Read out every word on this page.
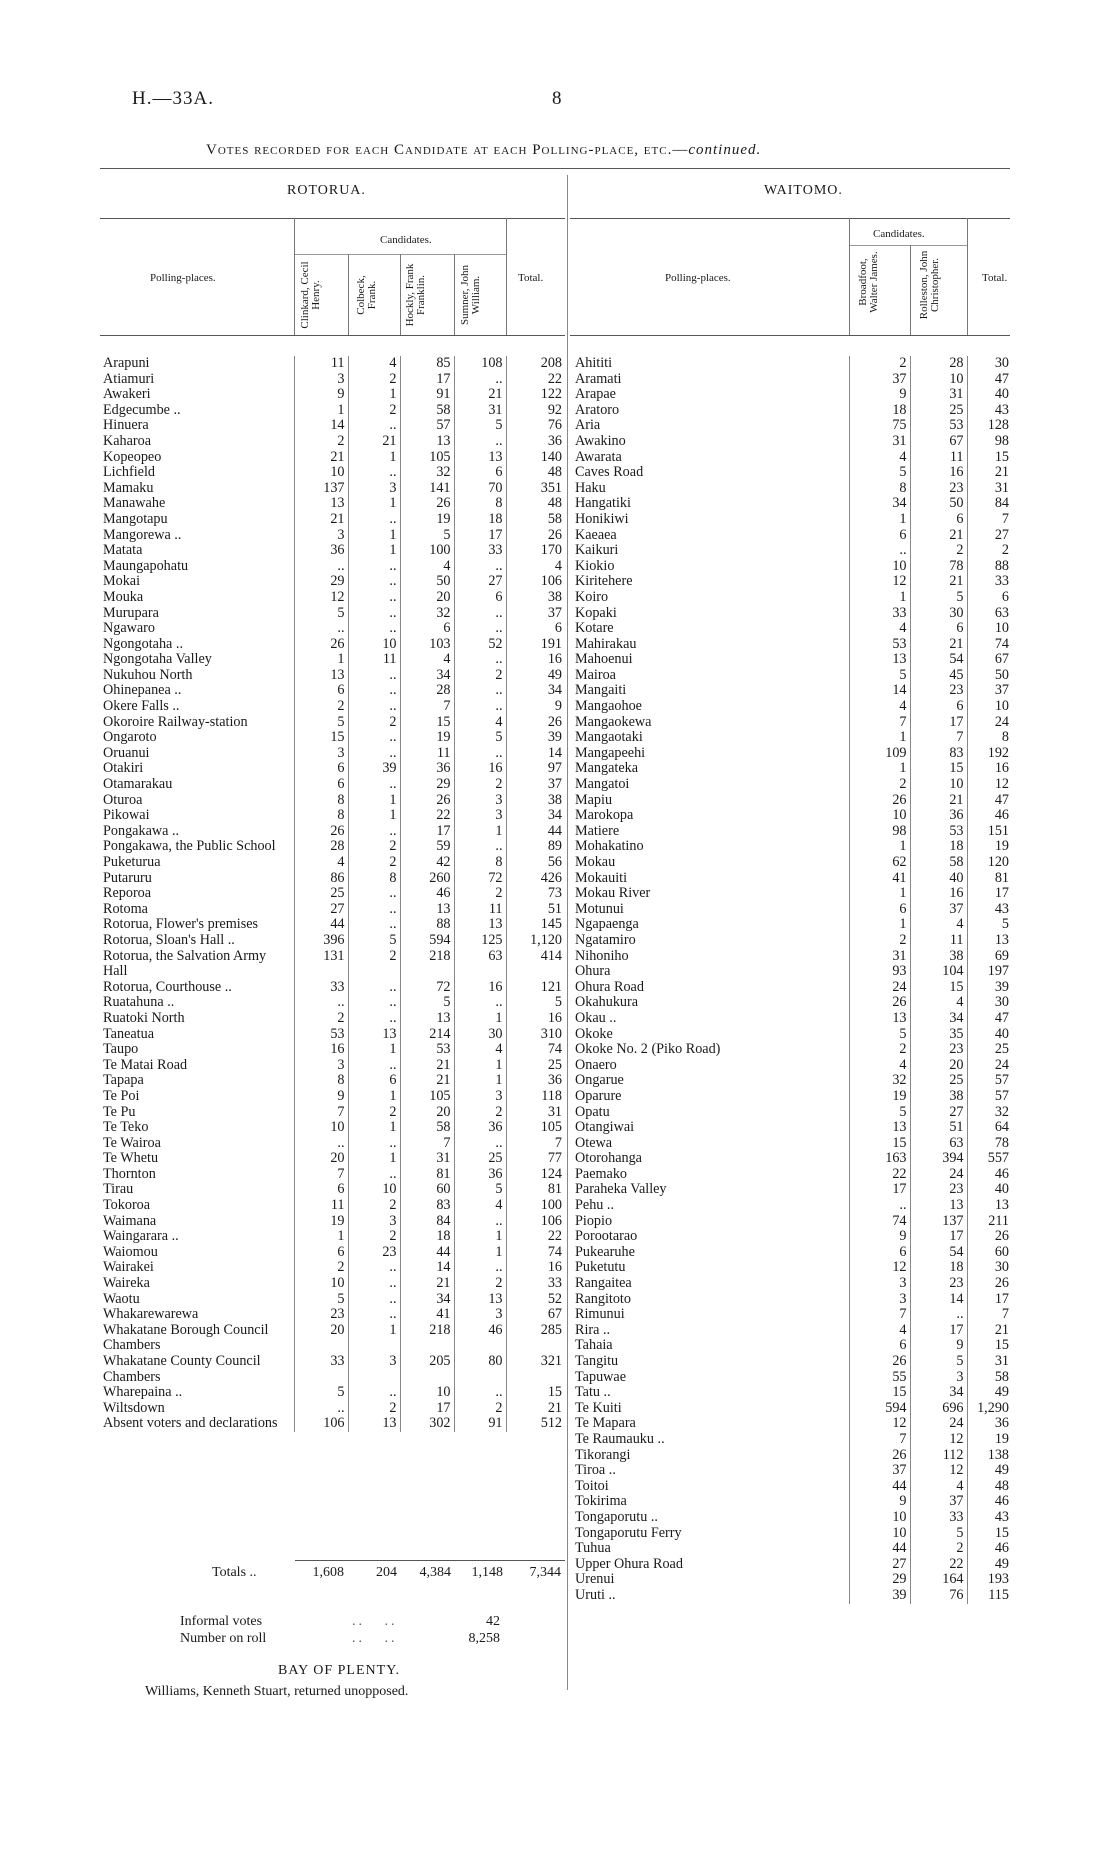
H.—33A.	8
Votes recorded for each Candidate at each Polling-place, etc.—continued.
ROTORUA.
Polling-places.
Candidates.
Total.
Clinkard, Cecil Henry.	Colbeck, Frank. Hockly, Frank Franklin.	Sumner, John William.
Arapuni	11	4	85	108	208
Atiamuri	3	2	17	..	22
Awakeri	9	1	91	21	122
Edgecumbe ..	1	2	58	31	92
Hinuera	14	..	57	5	76
Kaharoa	2	21	13	..	36
Kopeopeo	21	1	105	13	140
Lichfield	10	..	32	6	48
Mamaku	137	3	141	70	351
Manawahe	13	1	26	8	48
Mangotapu	21	..	19	18	58
Mangorewa ..	3	1	5	17	26
Matata	36	1	100	33	170
Maungapohatu	..	..	4	..	4
Mokai	29	..	50	27	106
Mouka	12	..	20	6	38
Murupara	5	..	32	..	37
Ngawaro	..	..	6	..	6
Ngongotaha ..	26	10	103	52	191
Ngongotaha Valley	1	11	4	..	16
Nukuhou North	13	..	34	2	49
Ohinepanea ..	6	..	28	..	34
Okere Falls ..	2	..	7	..	9
Okoroire Railway-station	5	2	15	4	26
Ongaroto	15	..	19	5	39
Oruanui	3	..	11	..	14
Otakiri	6	39	36	16	97
Otamarakau	6	..	29	2	37
Oturoa	8	1	26	3	38
Pikowai	8	1	22	3	34
Pongakawa ..	26	..	17	1	44
Pongakawa, the Public School	28	2	59	..	89
Puketurua	4	2	42	8	56
Putaruru	86	8	260	72	426
Reporoa	25	..	46	2	73
Rotoma	27	..	13	11	51
Rotorua, Flower's premises	44	..	88	13	145
Rotorua, Sloan's Hall ..	396	5	594	125	1,120
Rotorua, the Salvation Army Hall	131	2	218	63	414
Rotorua, Courthouse ..	33	..	72	16	121
Ruatahuna ..	..	..	5	..	5
Ruatoki North	2	..	13	1	16
Taneatua	53	13	214	30	310
Taupo	16	1	53	4	74
Te Matai Road	3	..	21	1	25
Tapapa	8	6	21	1	36
Te Poi	9	1	105	3	118
Te Pu	7	2	20	2	31
Te Teko	10	1	58	36	105
Te Wairoa	..	..	7	..	7
Te Whetu	20	1	31	25	77
Thornton	7	..	81	36	124
Tirau	6	10	60	5	81
Tokoroa	11	2	83	4	100
Waimana	19	3	84	..	106
Waingarara ..	1	2	18	1	22
Waiomou	6	23	44	1	74
Wairakei	2	..	14	..	16
Waireka	10	..	21	2	33
Waotu	5	..	34	13	52
Whakarewarewa	23	..	41	3	67
Whakatane Borough Council Chambers	20	1	218	46	285
Whakatane County Council Chambers	33	3	205	80	321
Wharepaina ..	5	..	10	..	15
Wiltsdown	..	2	17	2	21
Absent voters and declarations	106	13	302	91	512
Totals ..	1,608	204	4,384	1,148	7,344
Informal votes	..   ..	42
Number on roll	..   ..	8,258
BAY OF PLENTY.
Williams, Kenneth Stuart, returned unopposed.
WAITOMO.
Polling-places.
Candidates.
Total.
Broadfoot, Walter James.	Rolleston, John Christopher.
Ahititi	2	28	30
Aramati	37	10	47
Arapae	9	31	40
Aratoro	18	25	43
Aria	75	53	128
Awakino	31	67	98
Awarata	4	11	15
Caves Road	5	16	21
Haku	8	23	31
Hangatiki	34	50	84
Honikiwi	1	6	7
Kaeaea	6	21	27
Kaikuri	..	2	2
Kiokio	10	78	88
Kiritehere	12	21	33
Koiro	1	5	6
Kopaki	33	30	63
Kotare	4	6	10
Mahirakau	53	21	74
Mahoenui	13	54	67
Mairoa	5	45	50
Mangaiti	14	23	37
Mangaohoe	4	6	10
Mangaokewa	7	17	24
Mangaotaki	1	7	8
Mangapeehi	109	83	192
Mangateka	1	15	16
Mangatoi	2	10	12
Mapiu	26	21	47
Marokopa	10	36	46
Matiere	98	53	151
Mohakatino	1	18	19
Mokau	62	58	120
Mokauiti	41	40	81
Mokau River	1	16	17
Motunui	6	37	43
Ngapaenga	1	4	5
Ngatamiro	2	11	13
Nihoniho	31	38	69
Ohura	93	104	197
Ohura Road	24	15	39
Okahukura	26	4	30
Okau ..	13	34	47
Okoke	5	35	40
Okoke No. 2 (Piko Road)	2	23	25
Onaero	4	20	24
Ongarue	32	25	57
Oparure	19	38	57
Opatu	5	27	32
Otangiwai	13	51	64
Otewa	15	63	78
Otorohanga	163	394	557
Paemako	22	24	46
Paraheka Valley	17	23	40
Pehu ..	..	13	13
Piopio	74	137	211
Porootarao	9	17	26
Pukearuhe	6	54	60
Puketutu	12	18	30
Rangaitea	3	23	26
Rangitoto	3	14	17
Rimunui	7	..	7
Rira ..	4	17	21
Tahaia	6	9	15
Tangitu	26	5	31
Tapuwae	55	3	58
Tatu ..	15	34	49
Te Kuiti	594	696	1,290
Te Mapara	12	24	36
Te Raumauku ..	7	12	19
Tikorangi	26	112	138
Tiroa ..	37	12	49
Toitoi	44	4	48
Tokirima	9	37	46
Tongaporutu ..	10	33	43
Tongaporutu Ferry	10	5	15
Tuhua	44	2	46
Upper Ohura Road	27	22	49
Urenui	29	164	193
Uruti ..	39	76	115
